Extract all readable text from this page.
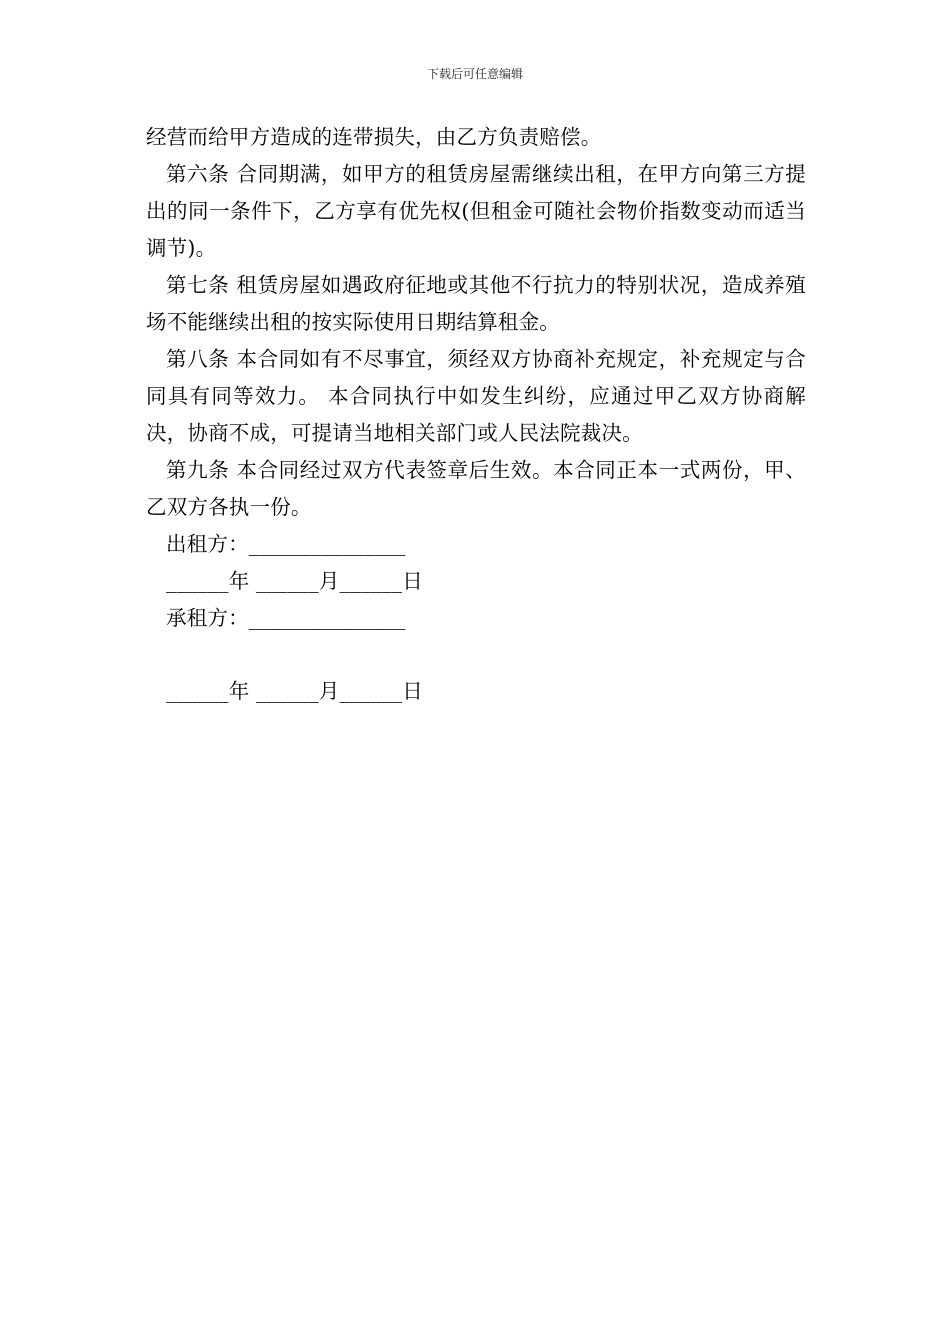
下载后可任意编辑

经营而给甲方造成的连带损失，由乙方负责赔偿。

第六条 合同期满，如甲方的租赁房屋需继续出租，在甲方向第三方提出的同一条件下，乙方享有优先权(但租金可随社会物价指数变动而适当调节)。

第七条 租赁房屋如遇政府征地或其他不行抗力的特别状况，造成养殖场不能继续出租的按实际使用日期结算租金。

第八条 本合同如有不尽事宜，须经双方协商补充规定，补充规定与合同具有同等效力。 本合同执行中如发生纠纷，应通过甲乙双方协商解决，协商不成，可提请当地相关部门或人民法院裁决。

第九条 本合同经过双方代表签章后生效。本合同正本一式两份，甲、乙双方各执一份。

出租方：_______________

______年 ______月______日

承租方：_______________

______年 ______月______日
